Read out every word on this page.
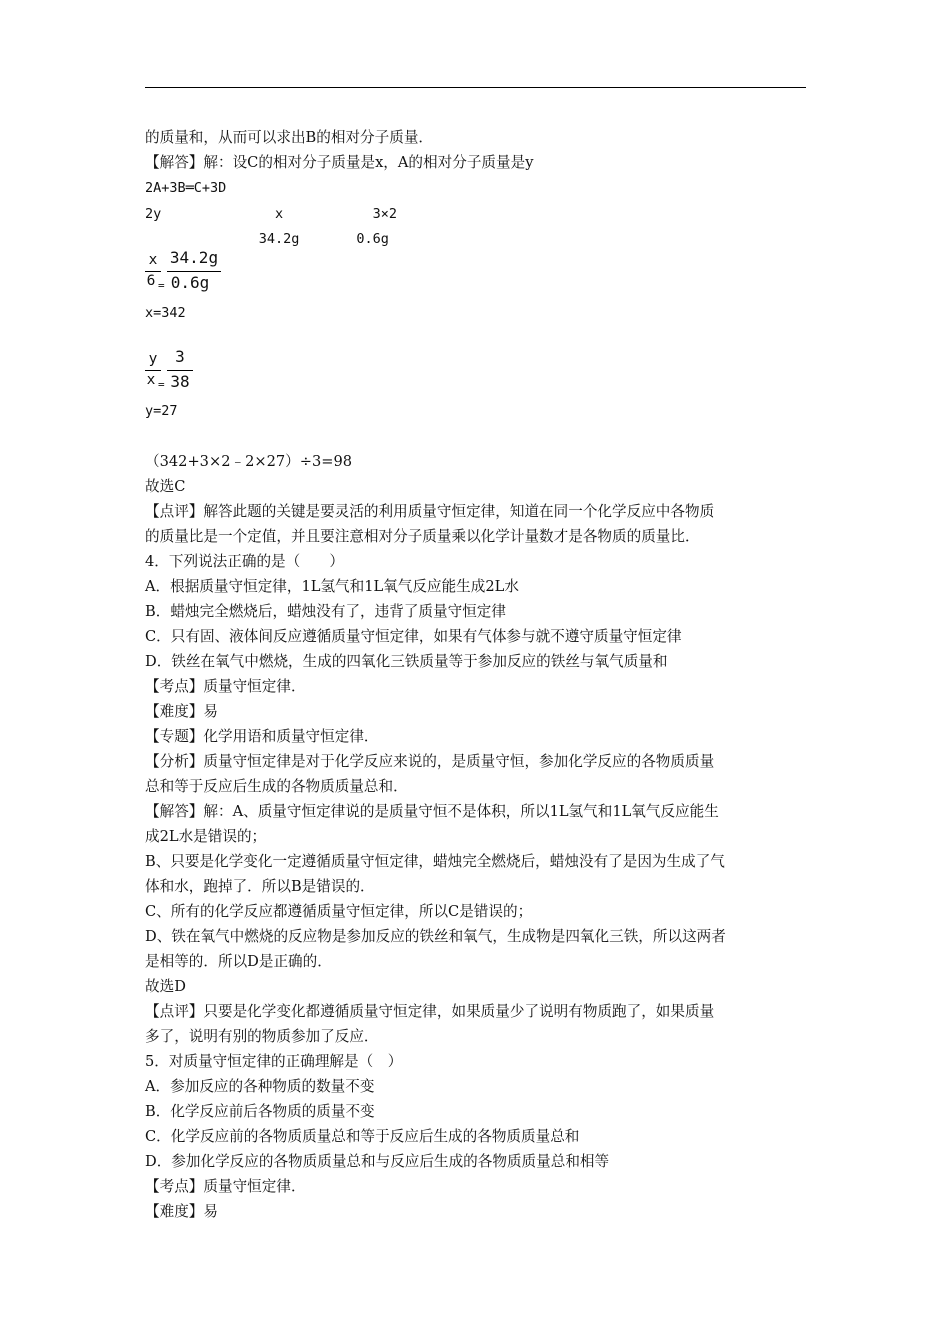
的质量和，从而可以求出B的相对分子质量．
【解答】解：设C的相对分子质量是x，A的相对分子质量是y
2A+3B═C+3D
2y              x           3×2
34.2g       0.6g
x
6 =
34.2g
0.6g
x=342
y
x =
3
38
y=27
（342+3×2﹣2×27）÷3=98
故选C
【点评】解答此题的关键是要灵活的利用质量守恒定律，知道在同一个化学反应中各物质
的质量比是一个定值，并且要注意相对分子质量乘以化学计量数才是各物质的质量比．
4．下列说法正确的是（　　）
A．根据质量守恒定律，1L氢气和1L氧气反应能生成2L水
B．蜡烛完全燃烧后，蜡烛没有了，违背了质量守恒定律
C．只有固、液体间反应遵循质量守恒定律，如果有气体参与就不遵守质量守恒定律
D．铁丝在氧气中燃烧，生成的四氧化三铁质量等于参加反应的铁丝与氧气质量和
【考点】质量守恒定律．
【难度】易
【专题】化学用语和质量守恒定律．
【分析】质量守恒定律是对于化学反应来说的，是质量守恒，参加化学反应的各物质质量
总和等于反应后生成的各物质质量总和．
【解答】解：A、质量守恒定律说的是质量守恒不是体积，所以1L氢气和1L氧气反应能生
成2L水是错误的；
B、只要是化学变化一定遵循质量守恒定律，蜡烛完全燃烧后，蜡烛没有了是因为生成了气
体和水，跑掉了．所以B是错误的．
C、所有的化学反应都遵循质量守恒定律，所以C是错误的；
D、铁在氧气中燃烧的反应物是参加反应的铁丝和氧气，生成物是四氧化三铁，所以这两者
是相等的．所以D是正确的．
故选D
【点评】只要是化学变化都遵循质量守恒定律，如果质量少了说明有物质跑了，如果质量
多了，说明有别的物质参加了反应．
5．对质量守恒定律的正确理解是（　）
A．参加反应的各种物质的数量不变
B．化学反应前后各物质的质量不变
C．化学反应前的各物质质量总和等于反应后生成的各物质质量总和
D．参加化学反应的各物质质量总和与反应后生成的各物质质量总和相等
【考点】质量守恒定律．
【难度】易
